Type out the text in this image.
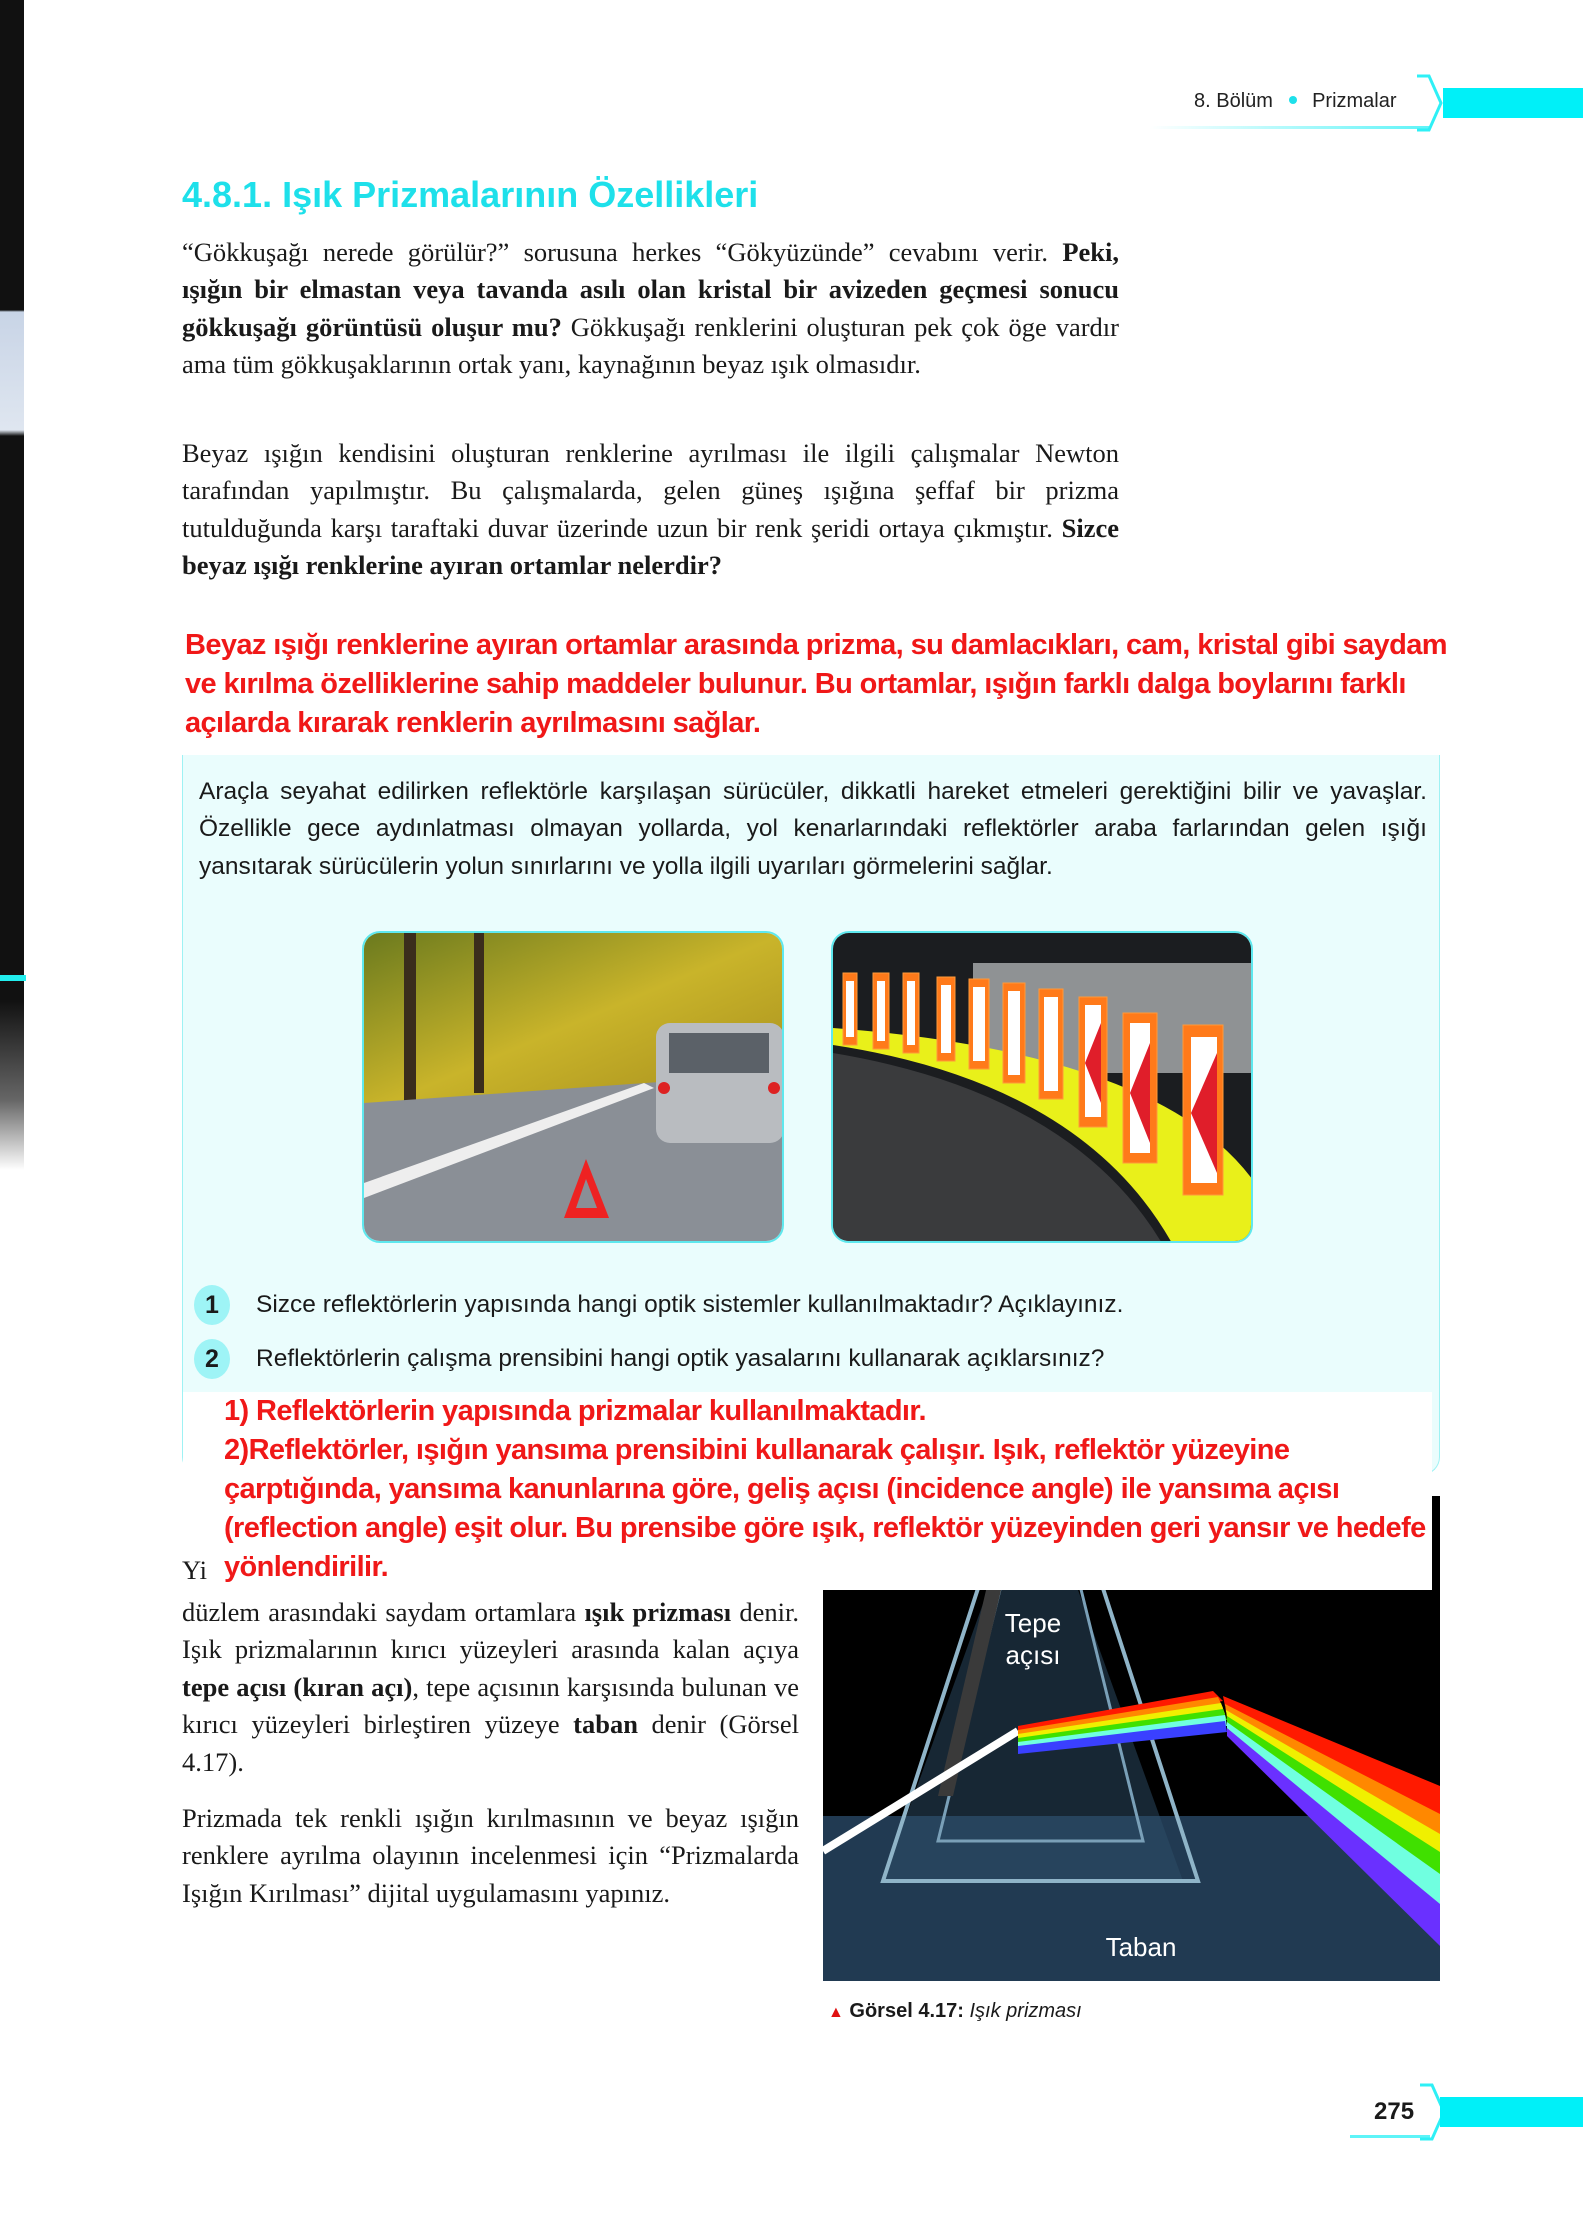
8. Bölüm Prizmalar
4.8.1. Işık Prizmalarının Özellikleri
“Gökkuşağı nerede görülür?” sorusuna herkes “Gökyüzünde” cevabını verir. Peki, ışığın bir elmastan veya tavanda asılı olan kristal bir avizeden geçmesi sonucu gökkuşağı görüntüsü oluşur mu? Gökkuşağı renklerini oluşturan pek çok öge vardır ama tüm gökkuşaklarının ortak yanı, kaynağının beyaz ışık olmasıdır.
Beyaz ışığın kendisini oluşturan renklerine ayrılması ile ilgili çalışmalar Newton tarafından yapılmıştır. Bu çalışmalarda, gelen güneş ışığına şeffaf bir prizma tutulduğunda karşı taraftaki duvar üzerinde uzun bir renk şeridi ortaya çıkmıştır. Sizce beyaz ışığı renklerine ayıran ortamlar nelerdir?
Beyaz ışığı renklerine ayıran ortamlar arasında prizma, su damlacıkları, cam, kristal gibi saydam ve kırılma özelliklerine sahip maddeler bulunur. Bu ortamlar, ışığın farklı dalga boylarını farklı açılarda kırarak renklerin ayrılmasını sağlar.
Araçla seyahat edilirken reflektörle karşılaşan sürücüler, dikkatli hareket etmeleri gerektiğini bilir ve yavaşlar. Özellikle gece aydınlatması olmayan yollarda, yol kenarlarındaki reflektörler araba farlarından gelen ışığı yansıtarak sürücülerin yolun sınırlarını ve yolla ilgili uyarıları görmelerini sağlar.
1	Sizce reflektörlerin yapısında hangi optik sistemler kullanılmaktadır? Açıklayınız.
2	Reflektörlerin çalışma prensibini hangi optik yasalarını kullanarak açıklarsınız?
Tepe
açısı
Taban
1) Reflektörlerin yapısında prizmalar kullanılmaktadır.
2)Reflektörler, ışığın yansıma prensibini kullanarak çalışır. Işık, reflektör yüzeyine çarptığında, yansıma kanunlarına göre, geliş açısı (incidence angle) ile yansıma açısı (reflection angle) eşit olur. Bu prensibe göre ışık, reflektör yüzeyinden geri yansır ve hedefe yönlendirilir.
Yi
düzlem arasındaki saydam ortamlara ışık prizması denir. Işık prizmalarının kırıcı yüzeyleri arasında kalan açıya tepe açısı (kıran açı), tepe açısının karşısında bulunan ve kırıcı yüzeyleri birleştiren yüzeye taban denir (Görsel 4.17).
Prizmada tek renkli ışığın kırılmasının ve beyaz ışığın renklere ayrılma olayının incelenmesi için “Prizmalarda Işığın Kırılması” dijital uygulamasını yapınız.
▲ Görsel 4.17: Işık prizması
275
